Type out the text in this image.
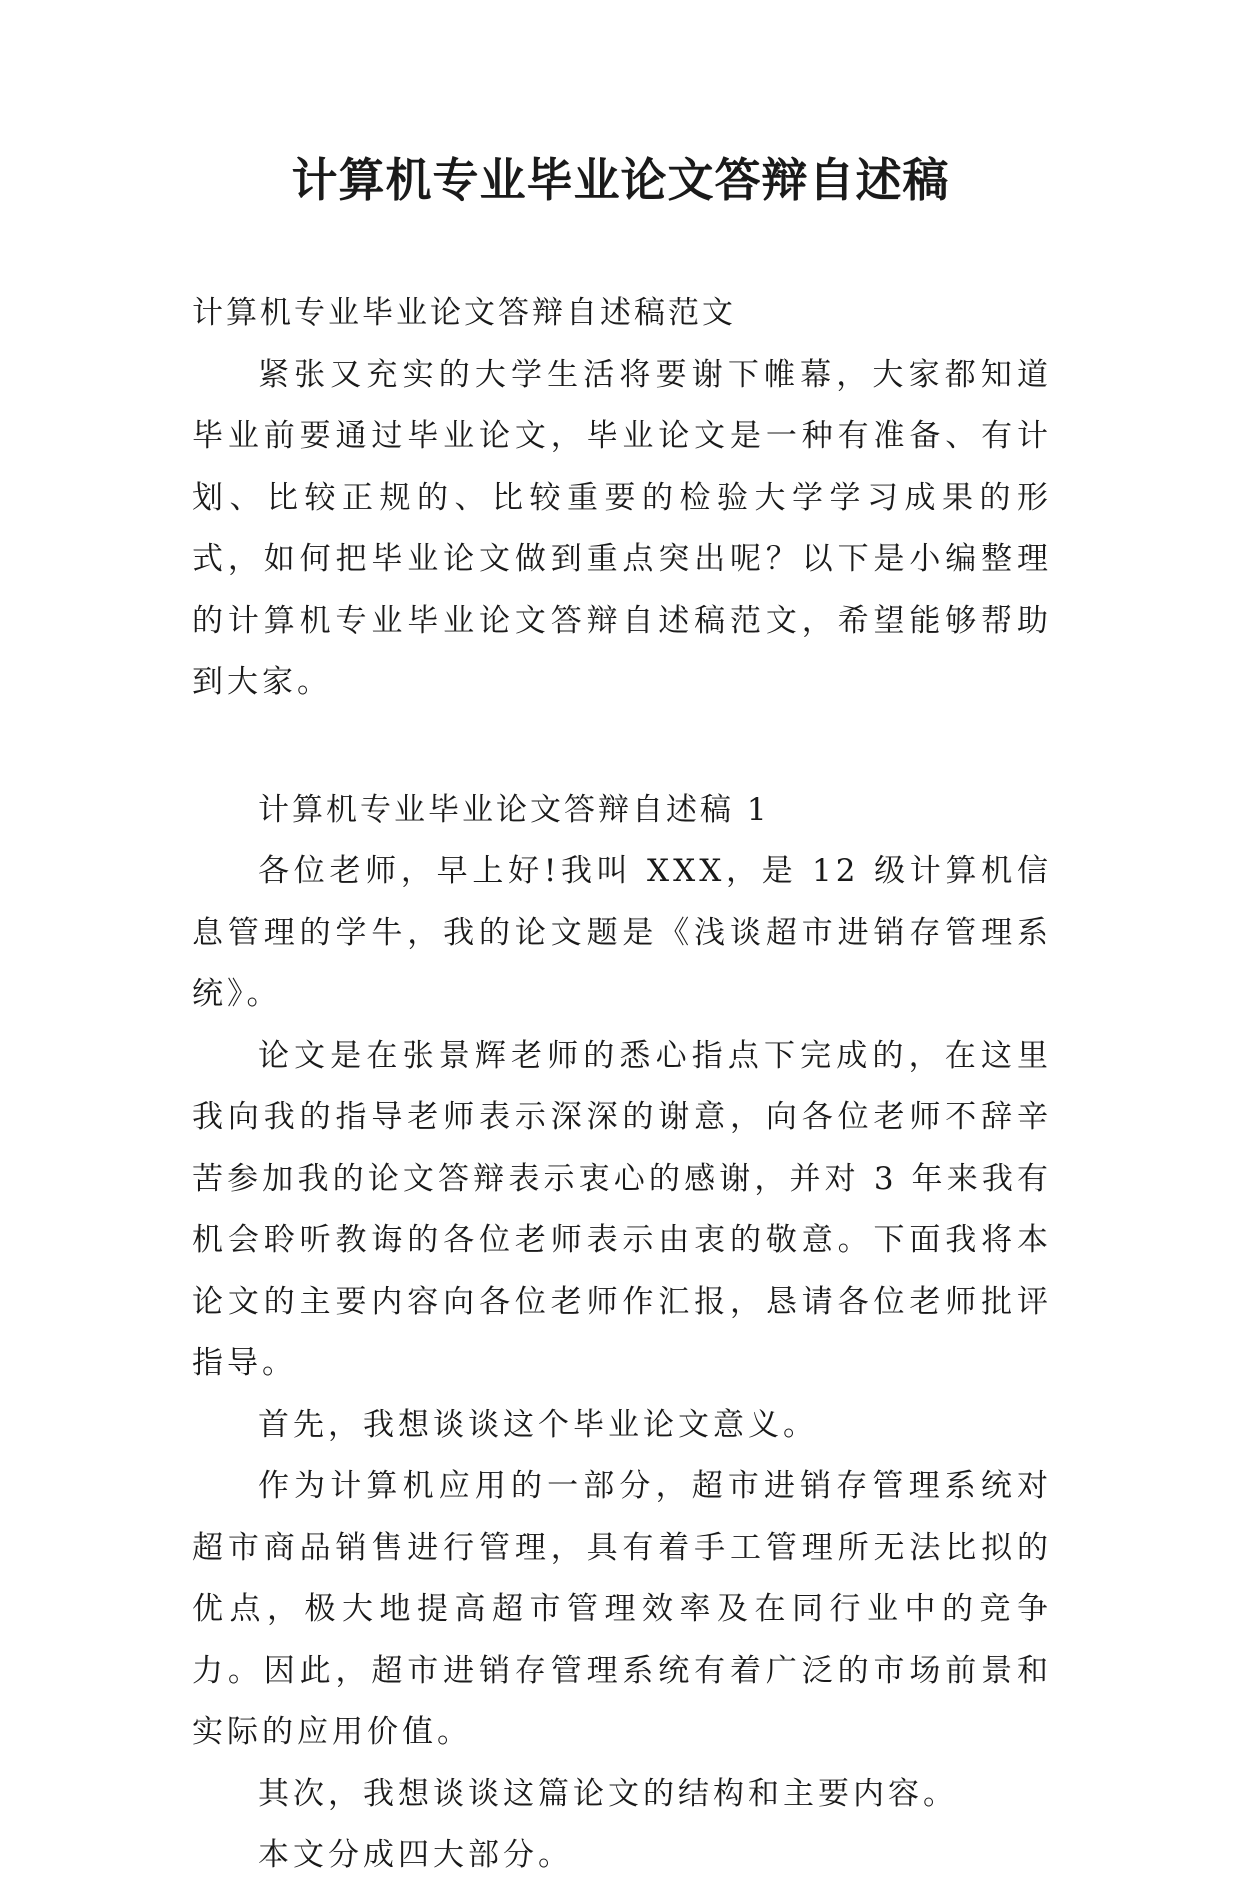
计算机专业毕业论文答辩自述稿

计算机专业毕业论文答辩自述稿范文

紧张又充实的大学生活将要谢下帷幕，大家都知道毕业前要通过毕业论文，毕业论文是一种有准备、有计划、比较正规的、比较重要的检验大学学习成果的形式，如何把毕业论文做到重点突出呢？以下是小编整理的计算机专业毕业论文答辩自述稿范文，希望能够帮助到大家。

计算机专业毕业论文答辩自述稿 1

各位老师，早上好!我叫 XXX，是 12 级计算机信息管理的学牛，我的论文题是《浅谈超市进销存管理系统》。

论文是在张景辉老师的悉心指点下完成的，在这里我向我的指导老师表示深深的谢意，向各位老师不辞辛苦参加我的论文答辩表示衷心的感谢，并对 3 年来我有机会聆听教诲的各位老师表示由衷的敬意。下面我将本论文的主要内容向各位老师作汇报，恳请各位老师批评指导。

首先，我想谈谈这个毕业论文意义。

作为计算机应用的一部分，超市进销存管理系统对超市商品销售进行管理，具有着手工管理所无法比拟的优点，极大地提高超市管理效率及在同行业中的竞争力。因此，超市进销存管理系统有着广泛的市场前景和实际的应用价值。

其次，我想谈谈这篇论文的结构和主要内容。

本文分成四大部分。
